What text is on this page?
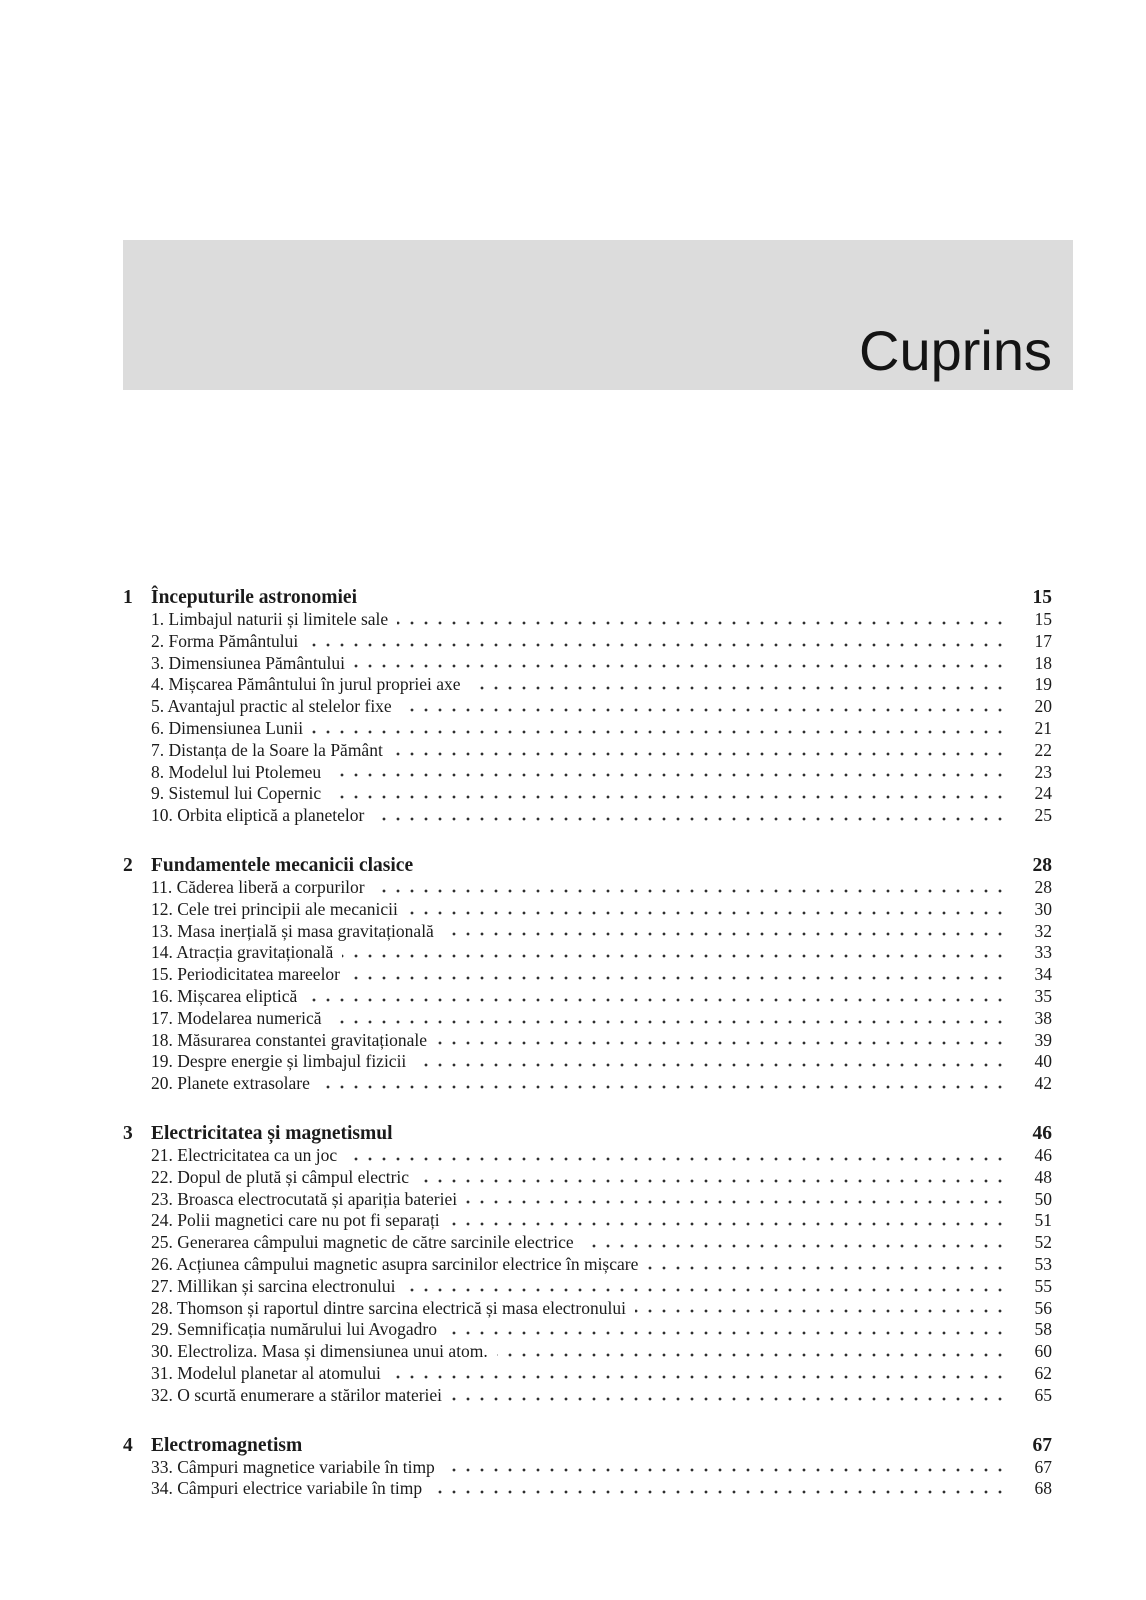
Cuprins
1 Începuturile astronomiei	15
1. Limbajul naturii și limitele sale	15
2. Forma Pământului	17
3. Dimensiunea Pământului	18
4. Mișcarea Pământului în jurul propriei axe	19
5. Avantajul practic al stelelor fixe	20
6. Dimensiunea Lunii	21
7. Distanța de la Soare la Pământ	22
8. Modelul lui Ptolemeu	23
9. Sistemul lui Copernic	24
10. Orbita eliptică a planetelor	25
2 Fundamentele mecanicii clasice	28
11. Căderea liberă a corpurilor	28
12. Cele trei principii ale mecanicii	30
13. Masa inerțială și masa gravitațională	32
14. Atracția gravitațională	33
15. Periodicitatea mareelor	34
16. Mișcarea eliptică	35
17. Modelarea numerică	38
18. Măsurarea constantei gravitaționale	39
19. Despre energie și limbajul fizicii	40
20. Planete extrasolare	42
3 Electricitatea și magnetismul	46
21. Electricitatea ca un joc	46
22. Dopul de plută și câmpul electric	48
23. Broasca electrocutată și apariția bateriei	50
24. Polii magnetici care nu pot fi separați	51
25. Generarea câmpului magnetic de către sarcinile electrice	52
26. Acțiunea câmpului magnetic asupra sarcinilor electrice în mișcare	53
27. Millikan și sarcina electronului	55
28. Thomson și raportul dintre sarcina electrică și masa electronului	56
29. Semnificația numărului lui Avogadro	58
30. Electroliza. Masa și dimensiunea unui atom.	60
31. Modelul planetar al atomului	62
32. O scurtă enumerare a stărilor materiei	65
4 Electromagnetism	67
33. Câmpuri magnetice variabile în timp	67
34. Câmpuri electrice variabile în timp	68
